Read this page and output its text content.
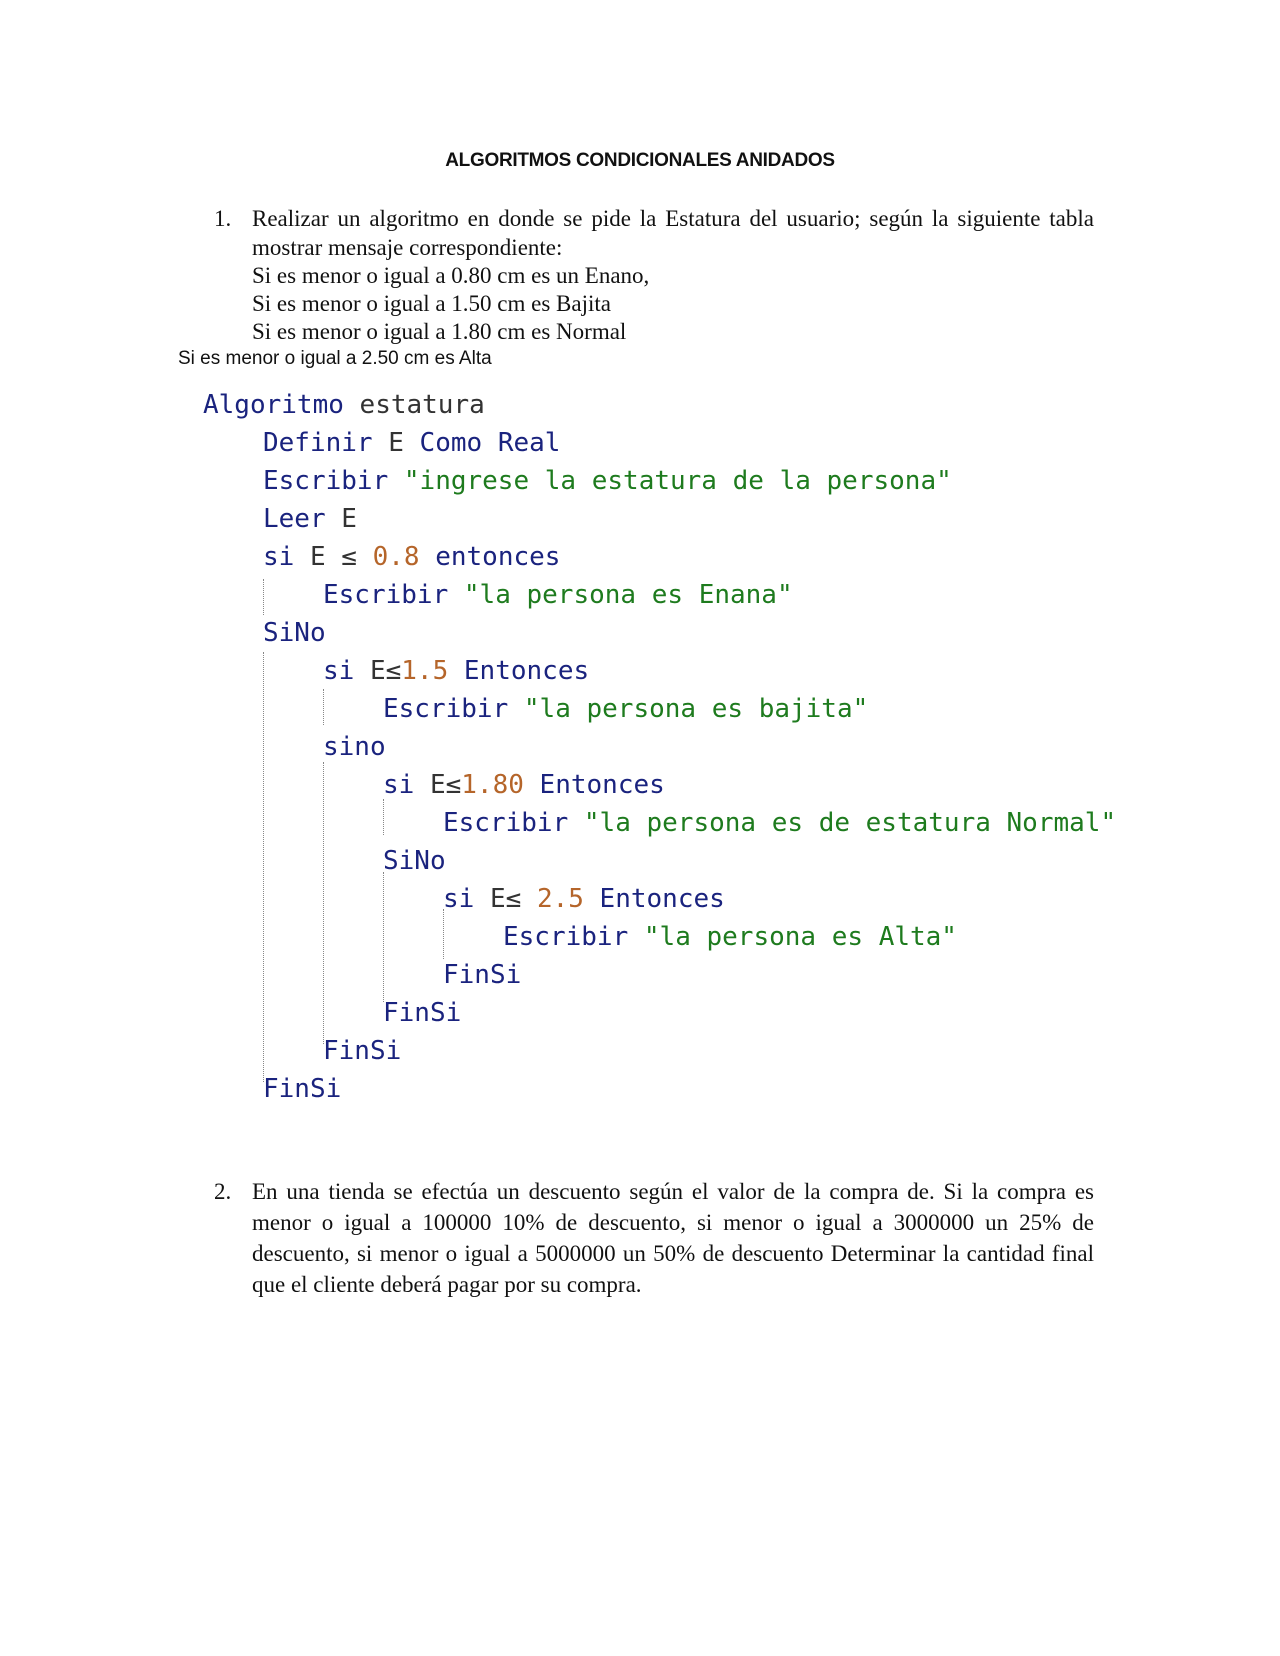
ALGORITMOS CONDICIONALES ANIDADOS
1. Realizar un algoritmo en donde se pide la Estatura del usuario; según la siguiente tabla mostrar mensaje correspondiente:
Si es menor o igual a 0.80 cm es un Enano,
Si es menor o igual a 1.50 cm es Bajita
Si es menor o igual a 1.80 cm es Normal
Si es menor o igual a 2.50 cm es Alta
Algoritmo estatura
Definir E Como Real
Escribir "ingrese la estatura de la persona"
Leer E
si E ≤ 0.8 entonces
Escribir "la persona es Enana"
SiNo
si E≤1.5 Entonces
Escribir "la persona es bajita"
sino
si E≤1.80 Entonces
Escribir "la persona es de estatura Normal"
SiNo
si E≤ 2.5 Entonces
Escribir "la persona es Alta"
FinSi
FinSi
FinSi
FinSi
2. En una tienda se efectúa un descuento según el valor de la compra de. Si la compra es menor o igual a 100000 10% de descuento, si menor o igual a 3000000 un 25% de descuento, si menor o igual a 5000000 un 50% de descuento Determinar la cantidad final que el cliente deberá pagar por su compra.
